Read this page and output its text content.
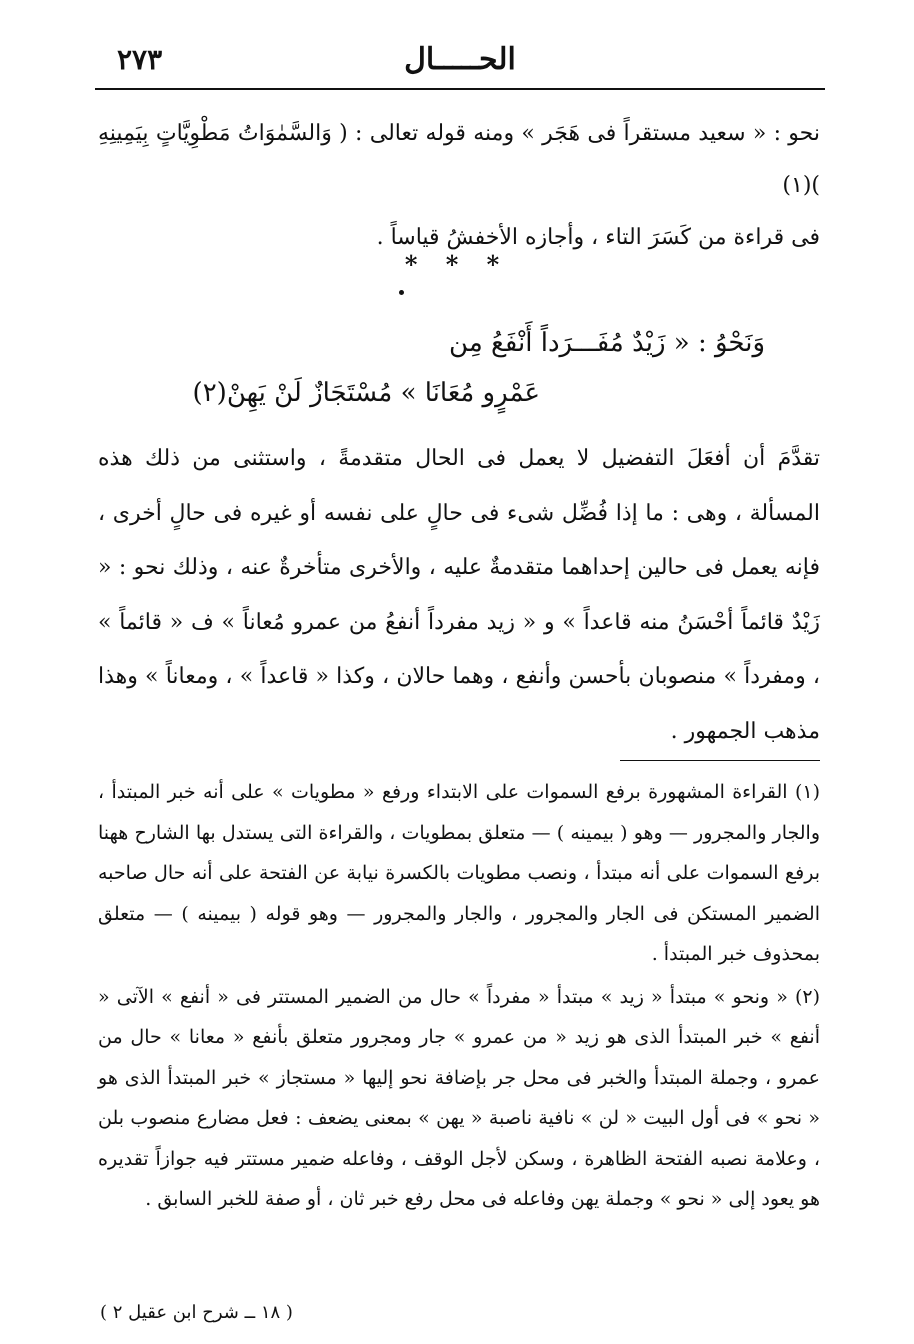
الحـــــال
٢٧٣

نحو : « سعيد مستقراً فى هَجَر » ومنه قوله تعالى : ( وَالسَّمٰوَاتُ مَطْوِيَّاتٍ بِيَمِينِهِ )(١)

فى قراءة من كَسَرَ التاء ، وأجازه الأخفشُ قياساً .

* * *
وَنَحْوُ : « زَيْدٌ مُفَـــرَداً أَنْفَعُ مِن
عَمْرٍو مُعَانَا » مُسْتَجَازٌ لَنْ يَهِنْ(٢)
تقدَّمَ أن أفعَلَ التفضيل لا يعمل فى الحال متقدمةً ، واستثنى من ذلك هذه المسألة ، وهى : ما إذا فُضِّل شىء فى حالٍ على نفسه أو غيره فى حالٍ أخرى ، فإنه يعمل فى حالين إحداهما متقدمةٌ عليه ، والأخرى متأخرةٌ عنه ، وذلك نحو : « زَيْدٌ قائماً أحْسَنُ منه قاعداً » و « زيد مفرداً أنفعُ من عمرو مُعاناً » ف « قائماً » ، ومفرداً » منصوبان بأحسن وأنفع ، وهما حالان ، وكذا « قاعداً » ، ومعاناً » وهذا مذهب الجمهور .

(١) القراءة المشهورة برفع السموات على الابتداء ورفع « مطويات » على أنه خبر المبتدأ ، والجار والمجرور — وهو ( بيمينه ) — متعلق بمطويات ، والقراءة التى يستدل بها الشارح ههنا برفع السموات على أنه مبتدأ ، ونصب مطويات بالكسرة نيابة عن الفتحة على أنه حال صاحبه الضمير المستكن فى الجار والمجرور ، والجار والمجرور — وهو قوله ( بيمينه ) — متعلق بمحذوف خبر المبتدأ .

(٢) « ونحو » مبتدأ « زيد » مبتدأ « مفرداً » حال من الضمير المستتر فى « أنفع » الآتى « أنفع » خبر المبتدأ الذى هو زيد « من عمرو » جار ومجرور متعلق بأنفع « معانا » حال من عمرو ، وجملة المبتدأ والخبر فى محل جر بإضافة نحو إليها « مستجاز » خبر المبتدأ الذى هو « نحو » فى أول البيت « لن » نافية ناصبة « يهن » بمعنى يضعف : فعل مضارع منصوب بلن ، وعلامة نصبه الفتحة الظاهرة ، وسكن لأجل الوقف ، وفاعله ضمير مستتر فيه جوازاً تقديره هو يعود إلى « نحو » وجملة يهن وفاعله فى محل رفع خبر ثان ، أو صفة للخبر السابق .

( ١٨ ــ شرح ابن عقيل ٢ )
